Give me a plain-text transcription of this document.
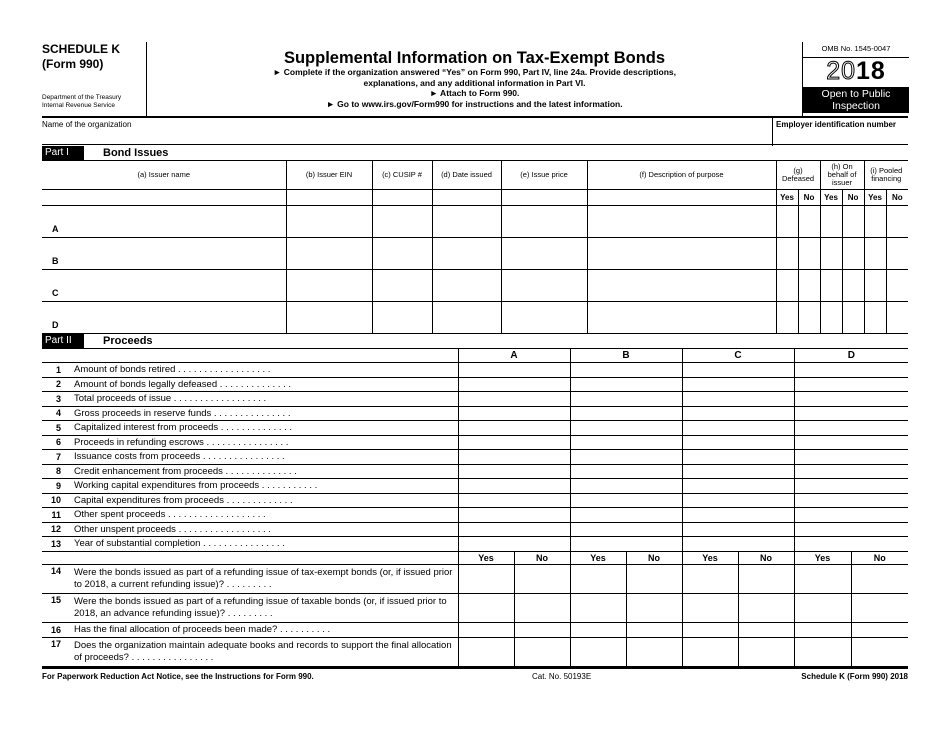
SCHEDULE K
(Form 990)
Department of the Treasury
Internal Revenue Service
Supplemental Information on Tax-Exempt Bonds
► Complete if the organization answered “Yes” on Form 990, Part IV, line 24a. Provide descriptions,
explanations, and any additional information in Part VI.
► Attach to Form 990.
► Go to www.irs.gov/Form990 for instructions and the latest information.
OMB No. 1545-0047
2018
Open to Public
Inspection
Name of the organization	Employer identification number
Part I	Bond Issues
(a) Issuer name	(b) Issuer EIN	(c) CUSIP #	(d) Date issued	(e) Issue price	(f) Description of purpose	(g) Defeased		(h) On behalf of issuer		(i) Pooled financing	
						Yes	No	Yes	No	Yes	No
A											
B											
C											
D											
Part II	Proceeds
		A		B		C		D	
1	Amount of bonds retired . . . . . . . . . . . . . . . . . .								
2	Amount of bonds legally defeased . . . . . . . . . . . . . .								
3	Total proceeds of issue . . . . . . . . . . . . . . . . . .								
4	Gross proceeds in reserve funds . . . . . . . . . . . . . . .								
5	Capitalized interest from proceeds . . . . . . . . . . . . . .								
6	Proceeds in refunding escrows . . . . . . . . . . . . . . . .								
7	Issuance costs from proceeds . . . . . . . . . . . . . . . .								
8	Credit enhancement from proceeds . . . . . . . . . . . . . .								
9	Working capital expenditures from proceeds . . . . . . . . . . .								
10	Capital expenditures from proceeds . . . . . . . . . . . . .								
11	Other spent proceeds . . . . . . . . . . . . . . . . . . .								
12	Other unspent proceeds . . . . . . . . . . . . . . . . . .								
13	Year of substantial completion . . . . . . . . . . . . . . . .								
		Yes	No	Yes	No	Yes	No	Yes	No
14	Were the bonds issued as part of a refunding issue of tax-exempt bonds (or, if issued prior to 2018, a current refunding issue)? . . . . . . . . .								
15	Were the bonds issued as part of a refunding issue of taxable bonds (or, if issued prior to 2018, an advance refunding issue)? . . . . . . . . .								
16	Has the final allocation of proceeds been made? . . . . . . . . . .								
17	Does the organization maintain adequate books and records to support the final allocation of proceeds? . . . . . . . . . . . . . . . .								
For Paperwork Reduction Act Notice, see the Instructions for Form 990.	Cat. No. 50193E	Schedule K (Form 990) 2018
